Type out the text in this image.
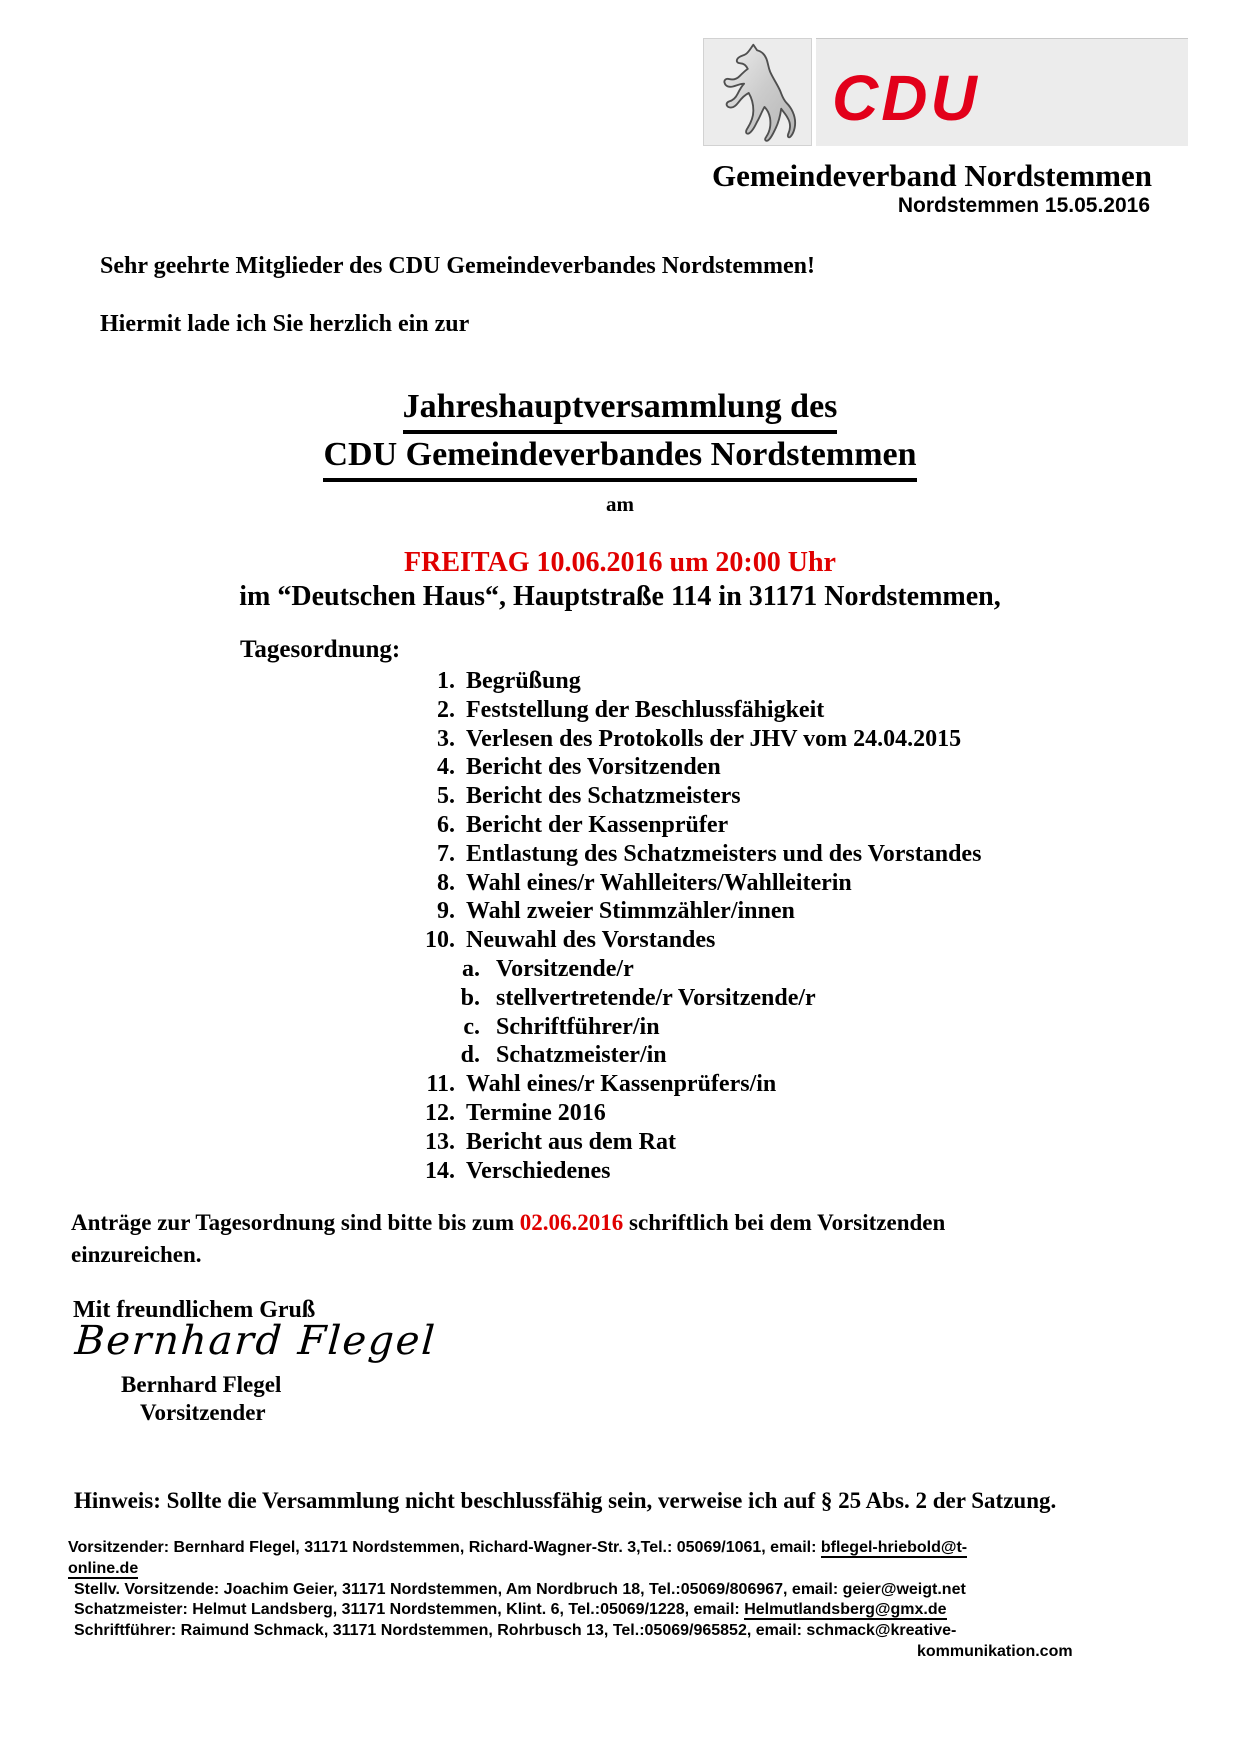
CDU
Gemeindeverband Nordstemmen
Nordstemmen 15.05.2016
Sehr geehrte Mitglieder des CDU Gemeindeverbandes Nordstemmen!
Hiermit lade ich Sie herzlich ein zur
Jahreshauptversammlung des
CDU Gemeindeverbandes Nordstemmen
am
FREITAG 10.06.2016 um 20:00 Uhr
im “Deutschen Haus“, Hauptstraße 114 in 31171 Nordstemmen,
Tagesordnung:
1. Begrüßung
2. Feststellung der Beschlussfähigkeit
3. Verlesen des Protokolls der JHV vom 24.04.2015
4. Bericht des Vorsitzenden
5. Bericht des Schatzmeisters
6. Bericht der Kassenprüfer
7. Entlastung des Schatzmeisters und des Vorstandes
8. Wahl eines/r Wahlleiters/Wahlleiterin
9. Wahl zweier Stimmzähler/innen
10. Neuwahl des Vorstandes
a. Vorsitzende/r
b. stellvertretende/r Vorsitzende/r
c. Schriftführer/in
d. Schatzmeister/in
11. Wahl eines/r Kassenprüfers/in
12. Termine 2016
13. Bericht aus dem Rat
14. Verschiedenes
Anträge zur Tagesordnung sind bitte bis zum 02.06.2016 schriftlich bei dem Vorsitzenden einzureichen.
Mit freundlichem Gruß
Bernhard Flegel
Bernhard Flegel
Vorsitzender
Hinweis: Sollte die Versammlung nicht beschlussfähig sein, verweise ich auf § 25 Abs. 2 der Satzung.
Vorsitzender: Bernhard Flegel, 31171 Nordstemmen, Richard-Wagner-Str. 3,Tel.: 05069/1061, email: bflegel-hriebold@t-
online.de
Stellv. Vorsitzende: Joachim Geier, 31171 Nordstemmen, Am Nordbruch 18, Tel.:05069/806967, email: geier@weigt.net
Schatzmeister: Helmut Landsberg, 31171 Nordstemmen, Klint. 6, Tel.:05069/1228, email: Helmutlandsberg@gmx.de
Schriftführer: Raimund Schmack, 31171 Nordstemmen, Rohrbusch 13, Tel.:05069/965852, email: schmack@kreative-
kommunikation.com
